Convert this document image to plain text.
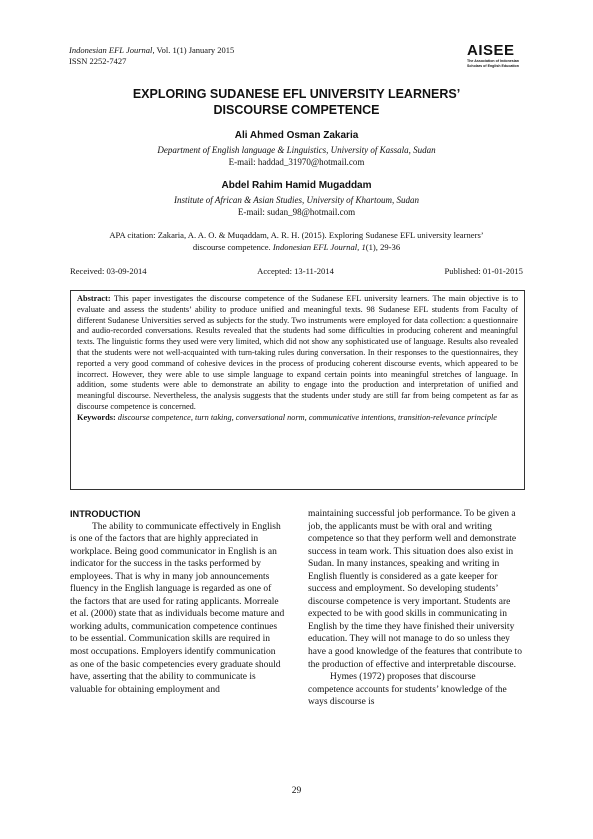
Indonesian EFL Journal, Vol. 1(1) January 2015
ISSN 2252-7427
AISEE
The Association of Indonesian Scholars of English Education
EXPLORING SUDANESE EFL UNIVERSITY LEARNERS’
DISCOURSE COMPETENCE
Ali Ahmed Osman Zakaria
Department of English language & Linguistics, University of Kassala, Sudan
E-mail: haddad_31970@hotmail.com
Abdel Rahim Hamid Mugaddam
Institute of African & Asian Studies, University of Khartoum, Sudan
E-mail: sudan_98@hotmail.com
APA citation: Zakaria, A. A. O. & Muqaddam, A. R. H. (2015). Exploring Sudanese EFL university learners’
discourse competence. Indonesian EFL Journal, 1(1), 29-36
Received: 03-09-2014	Accepted: 13-11-2014	Published: 01-01-2015
Abstract: This paper investigates the discourse competence of the Sudanese EFL university learners. The main objective is to evaluate and assess the students’ ability to produce unified and meaningful texts. 98 Sudanese EFL students from Faculty of different Sudanese Universities served as subjects for the study. Two instruments were employed for data collection: a questionnaire and audio-recorded conversations. Results revealed that the students had some difficulties in producing coherent and meaningful texts. The linguistic forms they used were very limited, which did not show any sophisticated use of language. Results also revealed that the students were not well-acquainted with turn-taking rules during conversation. In their responses to the questionnaires, they reported a very good command of cohesive devices in the process of producing coherent discourse events, which appeared to be incorrect. However, they were able to use simple language to expand certain points into meaningful stretches of language. In addition, some students were able to demonstrate an ability to engage into the production and interpretation of unified and meaningful discourse. Nevertheless, the analysis suggests that the students under study are still far from being competent as far as discourse competence is concerned.
Keywords: discourse competence, turn taking, conversational norm, communicative intentions, transition-relevance principle

INTRODUCTION

The ability to communicate effectively in English is one of the factors that are highly appreciated in workplace. Being good communicator in English is an indicator for the success in the tasks performed by employees. That is why in many job announcements fluency in the English language is regarded as one of the factors that are used for rating applicants. Morreale et al. (2000) state that as individuals become mature and working adults, communication competence continues to be essential. Communication skills are required in most occupations. Employers identify communication as one of the basic competencies every graduate should have, asserting that the ability to communicate is valuable for obtaining employment and

maintaining successful job performance. To be given a job, the applicants must be with oral and writing competence so that they perform well and demonstrate success in team work. This situation does also exist in Sudan. In many instances, speaking and writing in English fluently is considered as a gate keeper for success and employment. So developing students’ discourse competence is very important. Students are expected to be with good skills in communicating in English by the time they have finished their university education. They will not manage to do so unless they have a good knowledge of the features that contribute to the production of effective and interpretable discourse.

Hymes (1972) proposes that discourse competence accounts for students’ knowledge of the ways discourse is

29
